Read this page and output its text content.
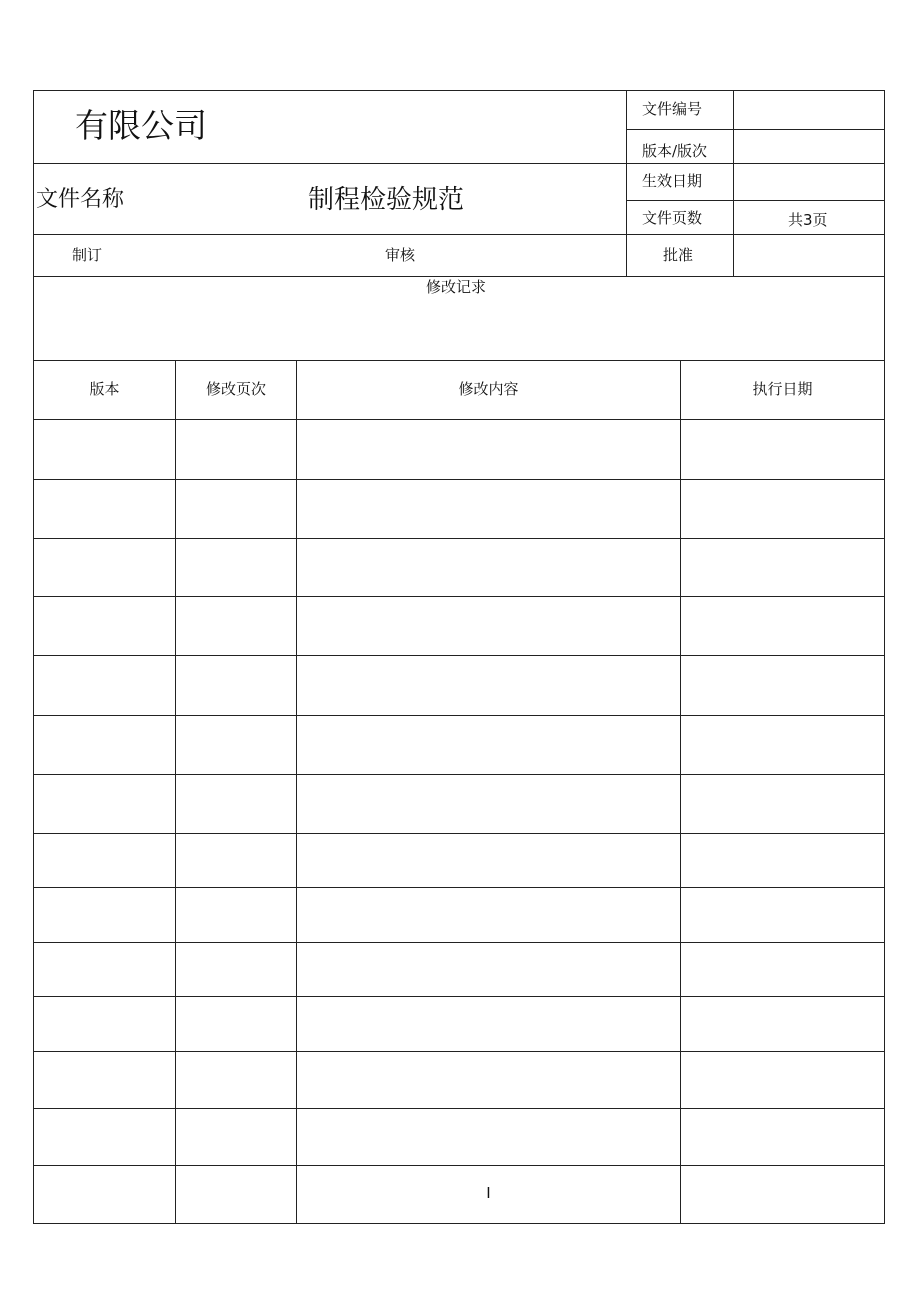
有限公司
文件名称	制程检验规范
文件编号
版本/版次
生效日期
文件页数	共3页
制订	审核	批准
修改记求
版本	修改页次	修改内容	执行日期
I
